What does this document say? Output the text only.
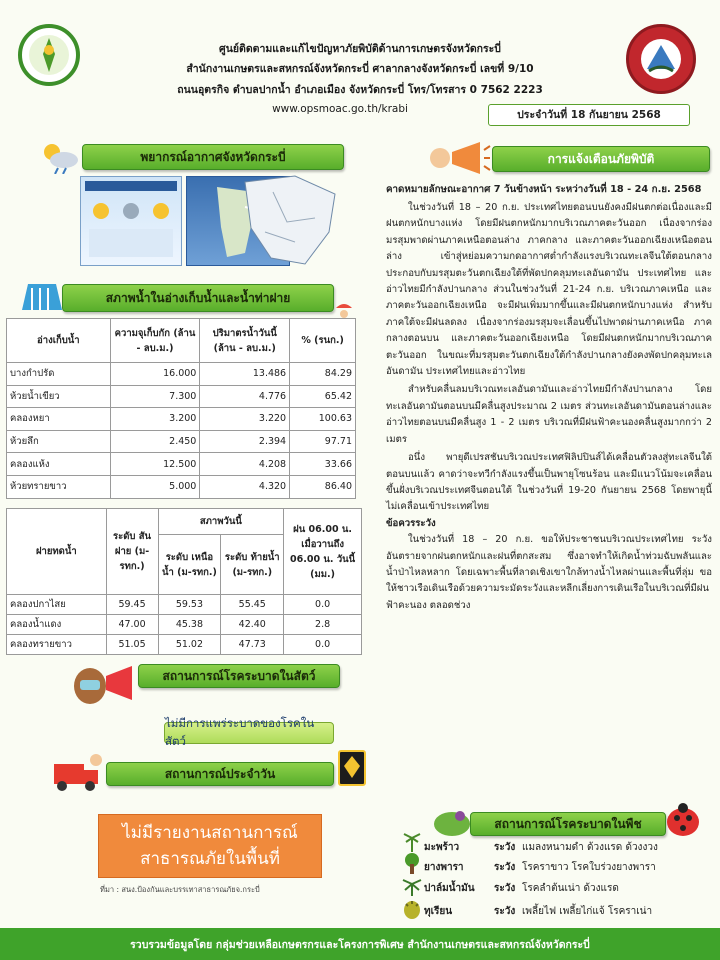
ศูนย์ติดตามและแก้ไขปัญหาภัยพิบัติด้านการเกษตรจังหวัดกระบี่
สำนักงานเกษตรและสหกรณ์จังหวัดกระบี่ ศาลากลางจังหวัดกระบี่ เลขที่ 9/10
ถนนอุตรกิจ ตำบลปากน้ำ อำเภอเมือง จังหวัดกระบี่ โทร/โทรสาร 0 7562 2223
www.opsmoac.go.th/krabi	ประจำวันที่ 18 กันยายน 2568
พยากรณ์อากาศจังหวัดกระบี่
สภาพน้ำในอ่างเก็บน้ำและน้ำท่าฝาย
อ่างเก็บน้ำ	ความจุเก็บกัก (ล้าน - ลบ.ม.)	ปริมาตรน้ำวันนี้ (ล้าน - ลบ.ม.)	% (รนก.)
บางกำปรัด	16.000	13.486	84.29
ห้วยน้ำเขียว	7.300	4.776	65.42
คลองหยา	3.200	3.220	100.63
ห้วยลึก	2.450	2.394	97.71
คลองแห้ง	12.500	4.208	33.66
ห้วยทรายขาว	5.000	4.320	86.40
ฝายทดน้ำ	ระดับ สันฝาย (ม-รทก.)	สภาพวันนี้		ฝน 06.00 น. เมื่อวานถึง 06.00 น. วันนี้ (มม.)
		ระดับ เหนือน้ำ (ม-รทก.)	ระดับ ท้ายน้ำ (ม-รทก.)	
คลองปกาไสย	59.45	59.53	55.45	0.0
คลองน้ำแดง	47.00	45.38	42.40	2.8
คลองทรายขาว	51.05	51.02	47.73	0.0
สถานการณ์โรคระบาดในสัตว์
ไม่มีการแพร่ระบาดของโรคในสัตว์
สถานการณ์ประจำวัน
ไม่มีรายงานสถานการณ์
สาธารณภัยในพื้นที่
ที่มา : สนง.ป้องกันและบรรเทาสาธารณภัยจ.กระบี่
การแจ้งเตือนภัยพิบัติ
คาดหมายลักษณะอากาศ 7 วันข้างหน้า ระหว่างวันที่ 18 - 24 ก.ย. 2568

ในช่วงวันที่ 18 – 20 ก.ย. ประเทศไทยตอนบนยังคงมีฝนตกต่อเนื่องและมีฝนตกหนักบางแห่ง โดยมีฝนตกหนักมากบริเวณภาคตะวันออก เนื่องจากร่องมรสุมพาดผ่านภาคเหนือตอนล่าง ภาคกลาง และภาคตะวันออกเฉียงเหนือตอนล่าง เข้าสู่หย่อมความกดอากาศต่ำกำลังแรงบริเวณทะเลจีนใต้ตอนกลาง ประกอบกับมรสุมตะวันตกเฉียงใต้ที่พัดปกคลุมทะเลอันดามัน ประเทศไทย และอ่าวไทยมีกำลังปานกลาง ส่วนในช่วงวันที่ 21-24 ก.ย. บริเวณภาคเหนือ และภาคตะวันออกเฉียงเหนือ จะมีฝนเพิ่มมากขึ้นและมีฝนตกหนักบางแห่ง สำหรับภาคใต้จะมีฝนลดลง เนื่องจากร่องมรสุมจะเลื่อนขึ้นไปพาดผ่านภาคเหนือ ภาคกลางตอนบน และภาคตะวันออกเฉียงเหนือ โดยมีฝนตกหนักมากบริเวณภาคตะวันออก ในขณะที่มรสุมตะวันตกเฉียงใต้กำลังปานกลางยังคงพัดปกคลุมทะเลอันดามัน ประเทศไทยและอ่าวไทย

สำหรับคลื่นลมบริเวณทะเลอันดามันและอ่าวไทยมีกำลังปานกลาง โดยทะเลอันดามันตอนบนมีคลื่นสูงประมาณ 2 เมตร ส่วนทะเลอันดามันตอนล่างและอ่าวไทยตอนบนมีคลื่นสูง 1 - 2 เมตร บริเวณที่มีฝนฟ้าคะนองคลื่นสูงมากกว่า 2 เมตร

อนึ่ง พายุดีเปรสชันบริเวณประเทศฟิลิปปินส์ได้เคลื่อนตัวลงสู่ทะเลจีนใต้ตอนบนแล้ว คาดว่าจะทวีกำลังแรงขึ้นเป็นพายุโซนร้อน และมีแนวโน้มจะเคลื่อนขึ้นฝั่งบริเวณประเทศจีนตอนใต้ ในช่วงวันที่ 19-20 กันยายน 2568 โดยพายุนี้ไม่เคลื่อนเข้าประเทศไทย

ข้อควรระวัง

ในช่วงวันที่ 18 – 20 ก.ย. ขอให้ประชาชนบริเวณประเทศไทย ระวังอันตรายจากฝนตกหนักและฝนที่ตกสะสม ซึ่งอาจทำให้เกิดน้ำท่วมฉับพลันและน้ำป่าไหลหลาก โดยเฉพาะพื้นที่ลาดเชิงเขาใกล้ทางน้ำไหลผ่านและพื้นที่ลุ่ม ขอให้ชาวเรือเดินเรือด้วยความระมัดระวังและหลีกเลี่ยงการเดินเรือในบริเวณที่มีฝนฟ้าคะนอง ตลอดช่วง

สถานการณ์โรคระบาดในพืช
มะพร้าว	ระวัง แมลงหนามดำ ด้วงแรด ด้วงงวง
ยางพารา	ระวัง โรคราขาว โรคใบร่วงยางพารา
ปาล์มน้ำมัน	ระวัง โรคลำต้นเน่า ด้วงแรด
ทุเรียน	ระวัง เพลี้ยไฟ เพลี้ยไก่แจ้ โรคราเน่า
รวบรวมข้อมูลโดย กลุ่มช่วยเหลือเกษตรกรและโครงการพิเศษ สำนักงานเกษตรและสหกรณ์จังหวัดกระบี่
